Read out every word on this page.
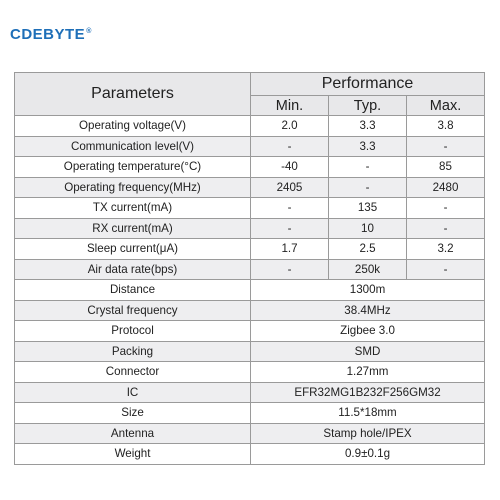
CDEBYTE®
Parameters	Performance		
	Min.	Typ.	Max.
Operating voltage(V)	2.0	3.3	3.8
Communication level(V)	-	3.3	-
Operating temperature(°C)	-40	-	85
Operating frequency(MHz)	2405	-	2480
TX current(mA)	-	135	-
RX current(mA)	-	10	-
Sleep current(μA)	1.7	2.5	3.2
Air data rate(bps)	-	250k	-
Distance	1300m		
Crystal frequency	38.4MHz		
Protocol	Zigbee 3.0		
Packing	SMD		
Connector	1.27mm		
IC	EFR32MG1B232F256GM32		
Size	11.5*18mm		
Antenna	Stamp hole/IPEX		
Weight	0.9±0.1g		
